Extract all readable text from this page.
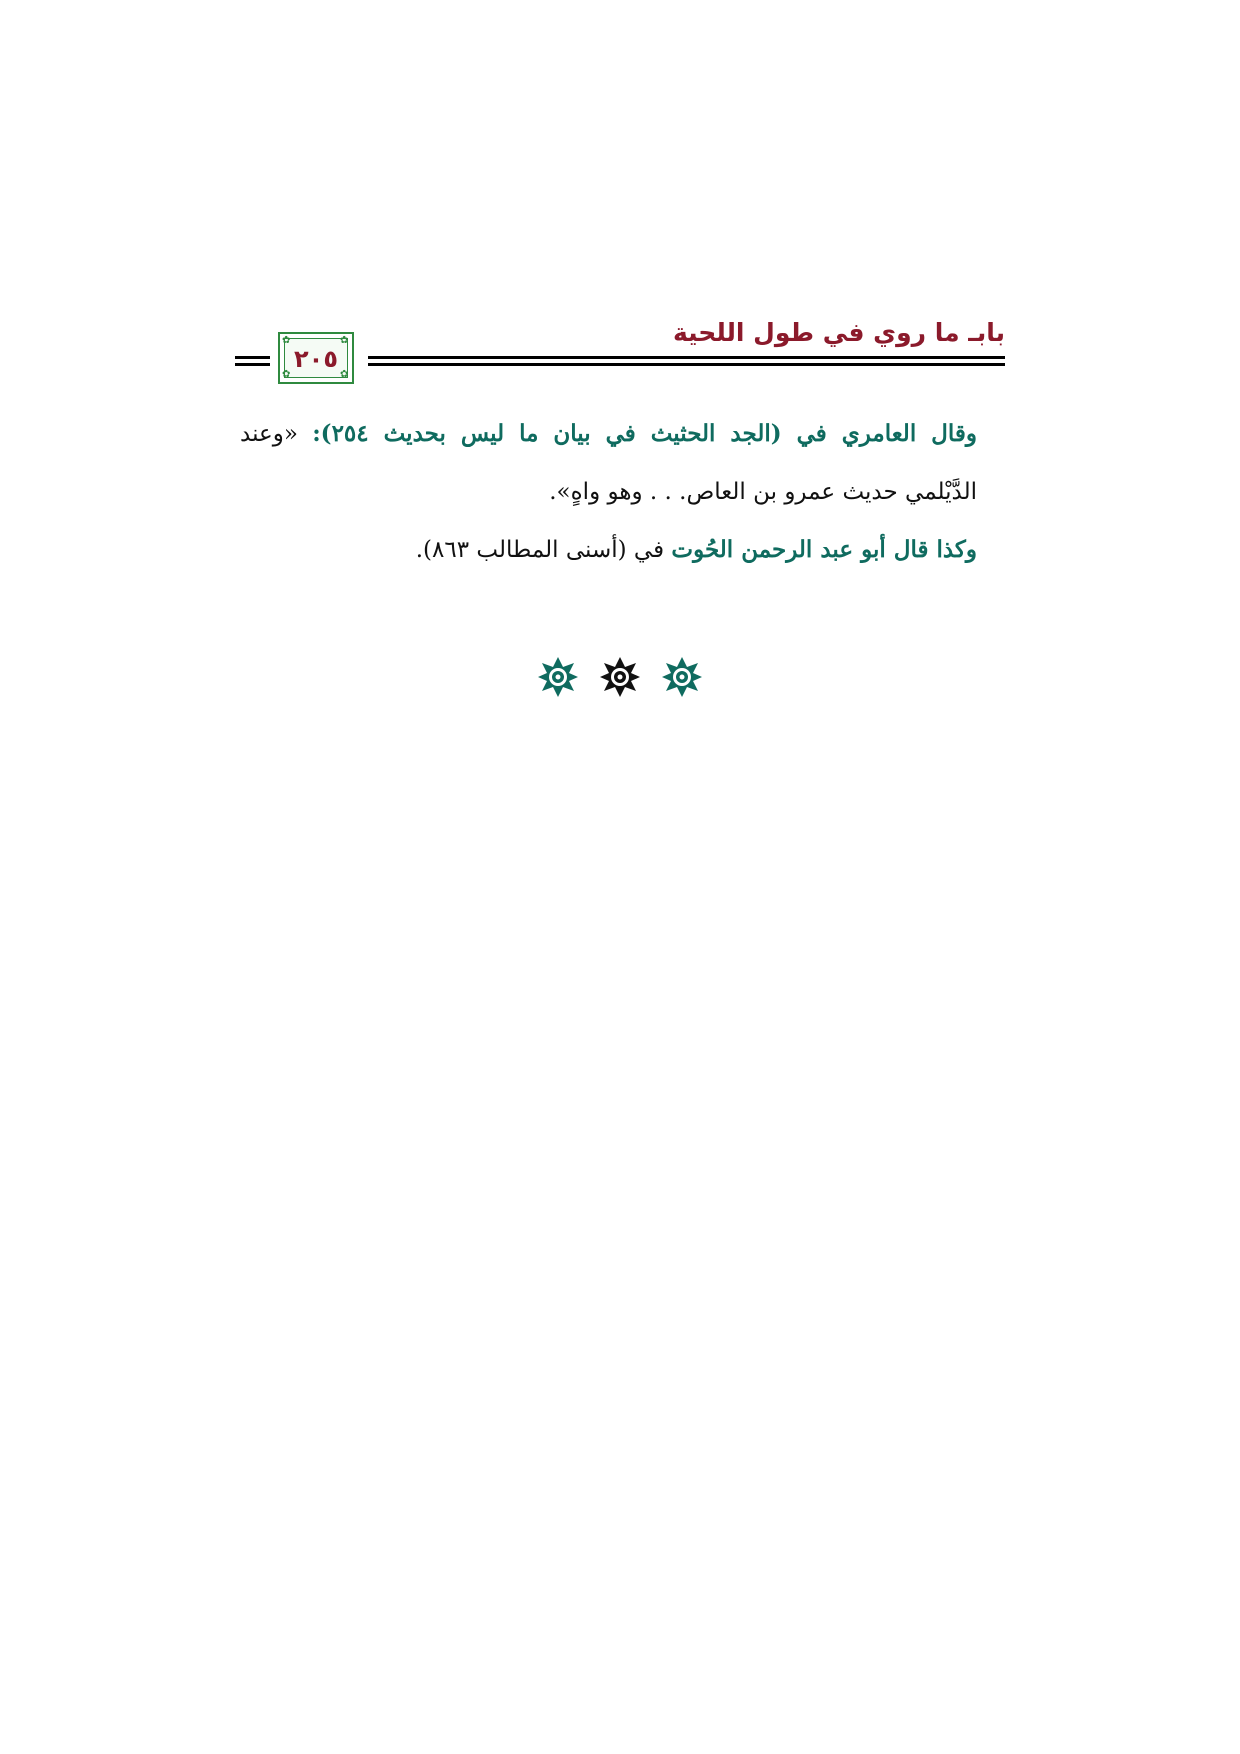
بابـ ما روي في طول اللحية
✿	✿
✿	✿
٢٠٥

وقال العامري في (الجد الحثيث في بيان ما ليس بحديث ٢٥٤): «وعند الدَّيْلمي حديث عمرو بن العاص. . . وهو واهٍ».

وكذا قال أبو عبد الرحمن الحُوت في (أسنى المطالب ٨٦٣).
